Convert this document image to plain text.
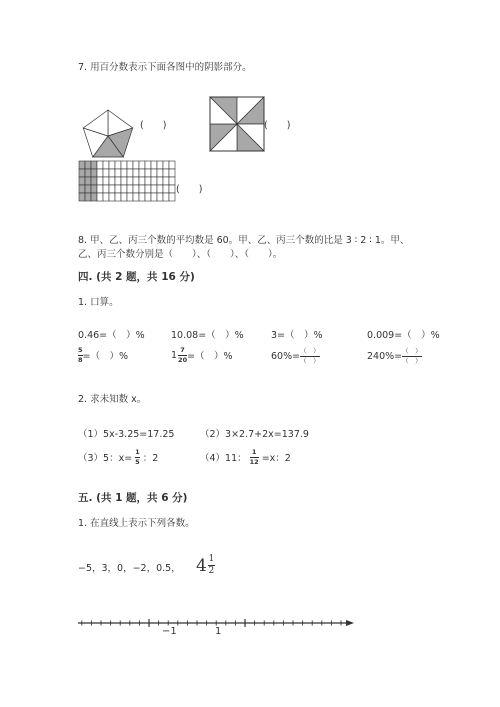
7. 用百分数表示下面各图中的阴影部分。
(　　)	(　　)
(　　)
8. 甲、乙、丙三个数的平均数是 60。甲、乙、丙三个数的比是 3 ∶ 2 ∶ 1。甲、
乙、丙三个数分别是（　　）、（　　）、（　　）。
四. (共 2 题，共 16 分)
1. 口算。
0.46=（　）%	10.08=（　）%	3=（　）%	0.009=（　）%
$\frac{5}{8}$ =（　）%	$1 \frac{7}{20}$ =（　）%	$60\%= \frac{( )}{( )}$	$240\%= \frac{( )}{( )}$
2. 求未知数 x。
（1）5x-3.25=17.25	（2）3×2.7+2x=137.9
（3）5：$x= \frac{1}{5}$ ：2	（4）11： $\frac{1}{12} =x$：2
五. (共 1 题，共 6 分)
1. 在直线上表示下列各数。
−5，3，0，−2，0.5， 4 1
2
−1	1
